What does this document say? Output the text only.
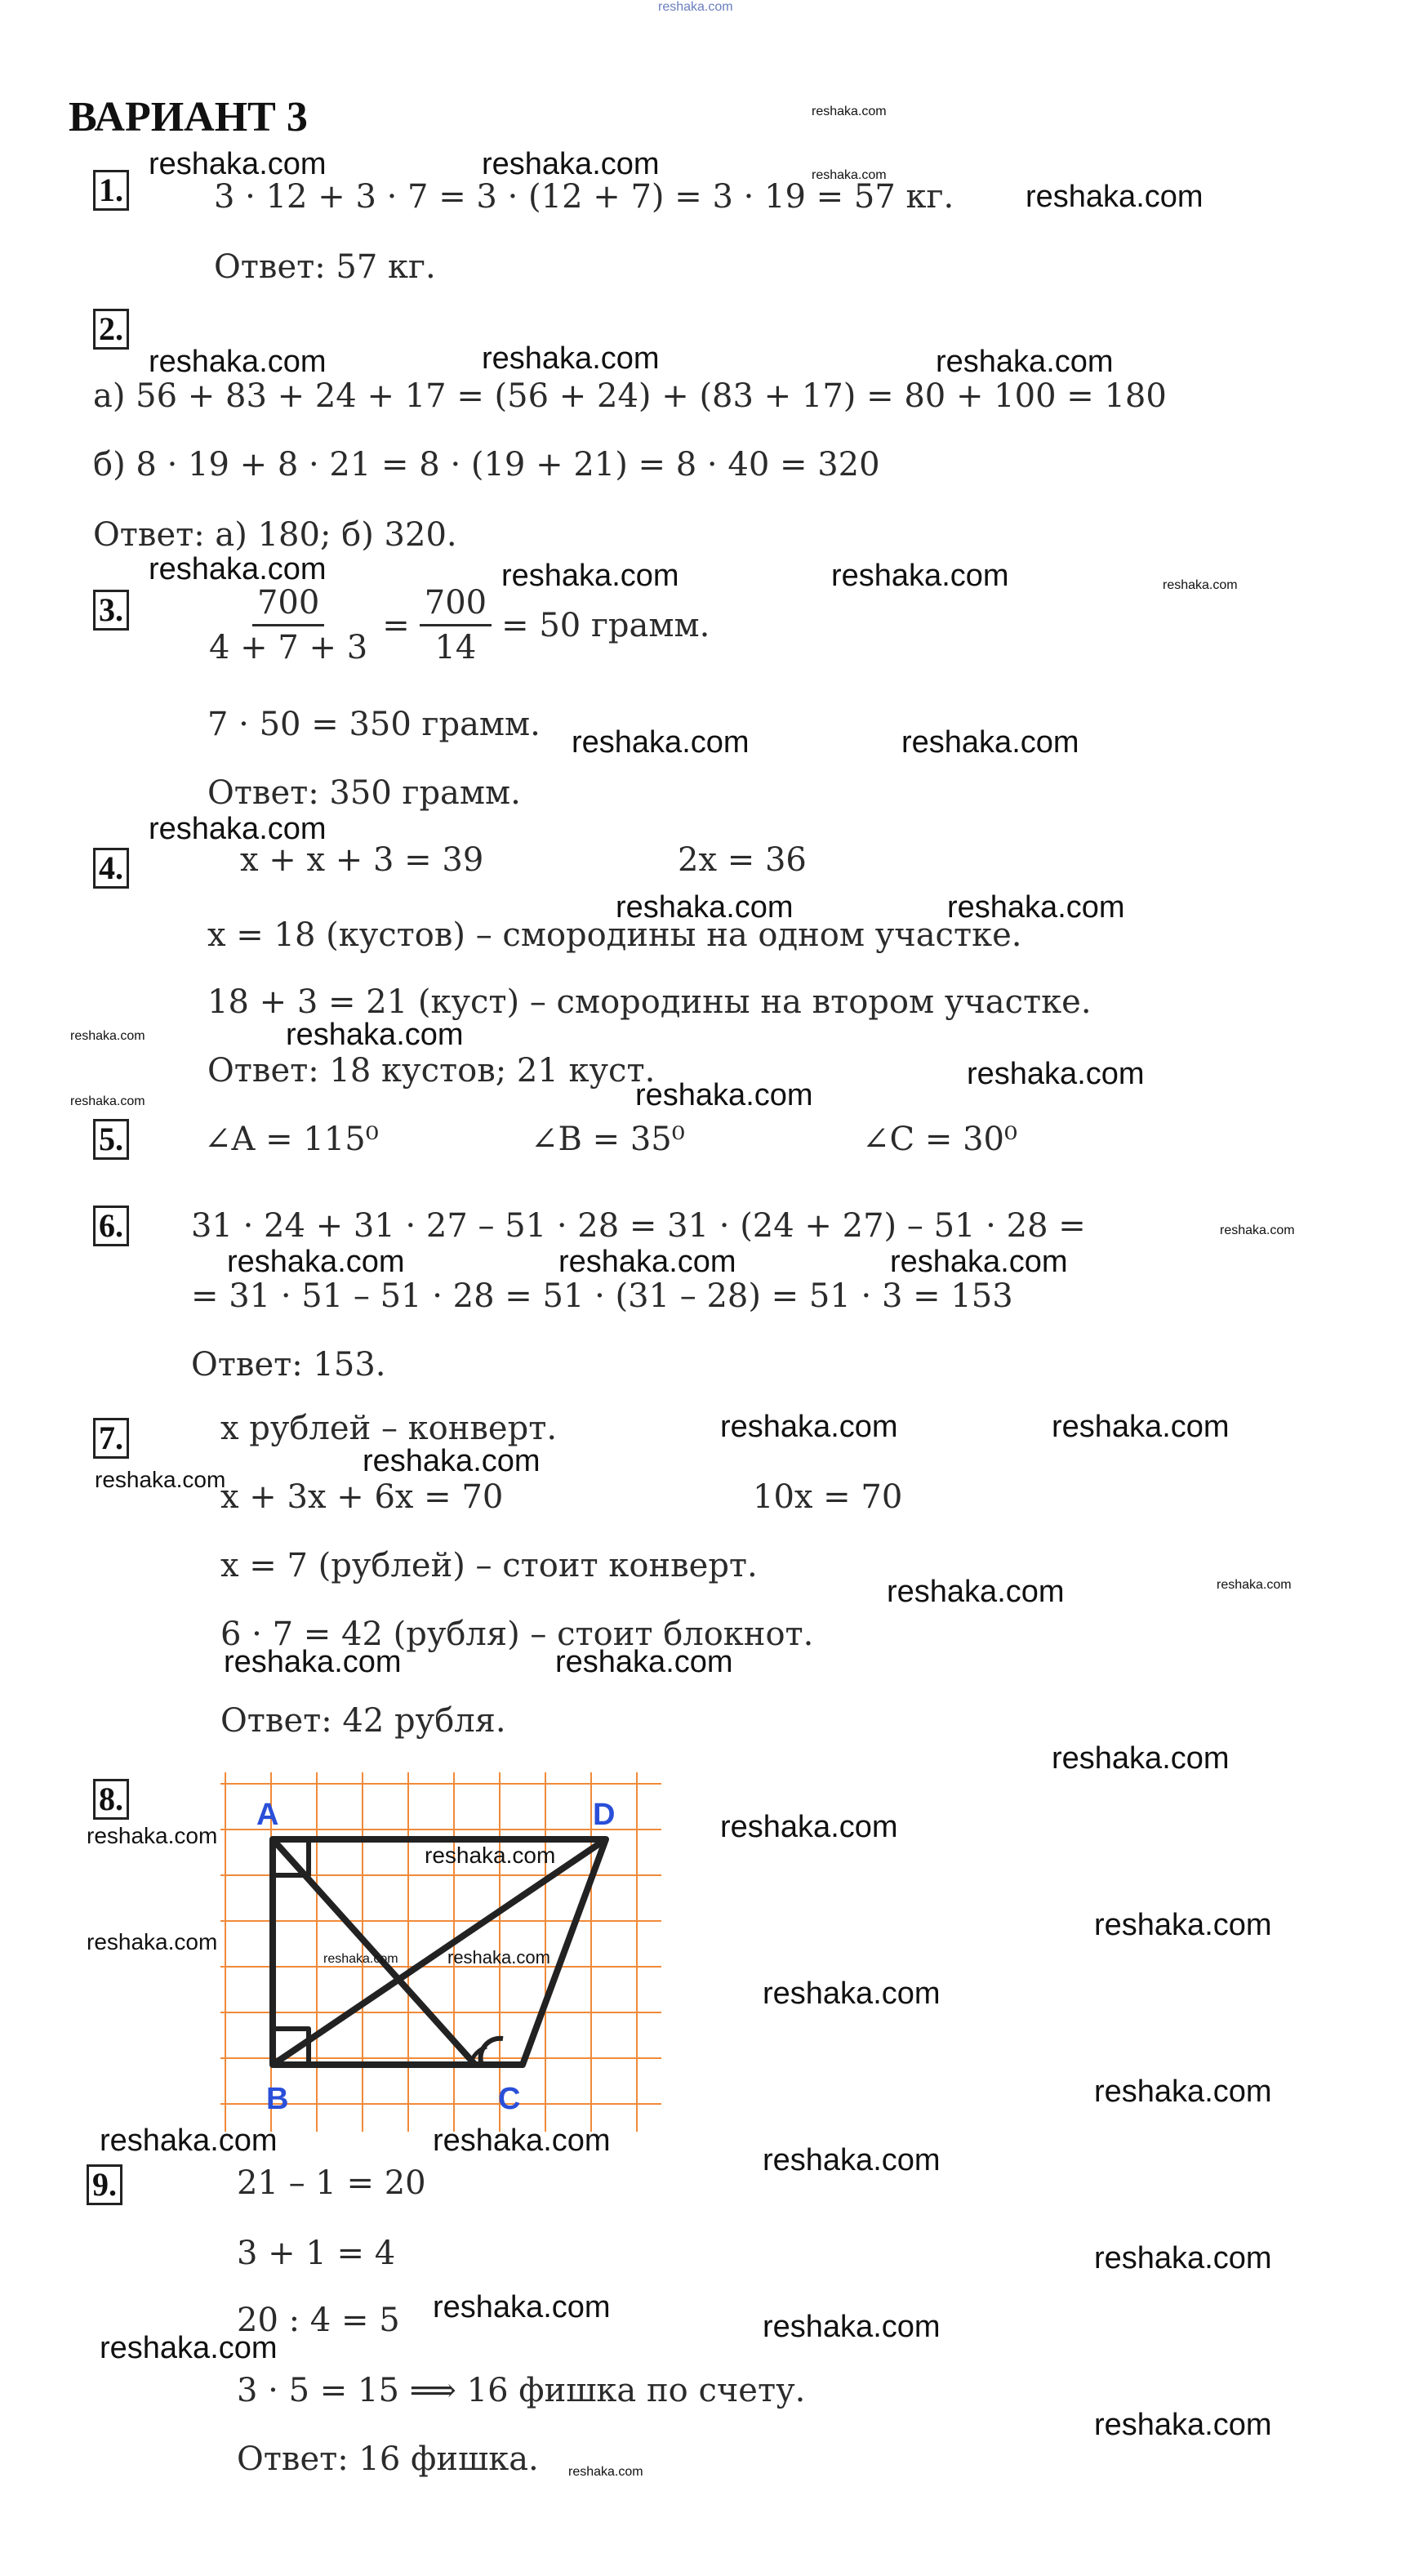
reshaka.com
ВАРИАНТ 3
1.	3 · 12 + 3 · 7 = 3 · (12 + 7) = 3 · 19 = 57 кг.
Ответ: 57 кг.
2.
а) 56 + 83 + 24 + 17 = (56 + 24) + (83 + 17) = 80 + 100 = 180
б) 8 · 19 + 8 · 21 = 8 · (19 + 21) = 8 · 40 = 320
Ответ: а) 180; б) 320.
3. $\frac{700}{4 + 7 + 3} = \frac{700}{14} = 50$ грамм.
7 · 50 = 350 грамм.
Ответ: 350 грамм.
4.	x + x + 3 = 39	2x = 36
x = 18 (кустов) – смородины на одном участке.
18 + 3 = 21 (куст) – смородины на втором участке.
Ответ: 18 кустов; 21 куст.
5. ∠A = 115⁰	∠B = 35⁰	∠C = 30⁰
6. 31 · 24 + 31 · 27 – 51 · 28 = 31 · (24 + 27) – 51 · 28 =
= 31 · 51 – 51 · 28 = 51 · (31 – 28) = 51 · 3 = 153
Ответ: 153.
7.	x рублей – конверт.
x + 3x + 6x = 70	10x = 70
x = 7 (рублей) – стоит конверт.
6 · 7 = 42 (рубля) – стоит блокнот.
Ответ: 42 рубля.
8.	A	D
B	C
9.	21 – 1 = 20
3 + 1 = 4
20 : 4 = 5
3 · 5 = 15 ⟹ 16 фишка по счету.
Ответ: 16 фишка.
reshaka.com
reshaka.com	reshaka.com	reshaka.com
reshaka.com
reshaka.com	reshaka.com	reshaka.com
reshaka.com	reshaka.com	reshaka.com	reshaka.com
reshaka.com	reshaka.com
reshaka.com
reshaka.com	reshaka.com
reshaka.com	reshaka.com
reshaka.com
reshaka.com
reshaka.com
reshaka.com
reshaka.com	reshaka.com	reshaka.com
reshaka.com	reshaka.com
reshaka.com
reshaka.com
reshaka.com	reshaka.com
reshaka.com	reshaka.com
reshaka.com
reshaka.com
reshaka.com
reshaka.com
reshaka.com
reshaka.com	reshaka.com
reshaka.com
reshaka.com
reshaka.com
reshaka.com	reshaka.com
reshaka.com
reshaka.com
reshaka.com
reshaka.com
reshaka.com
reshaka.com
reshaka.com
